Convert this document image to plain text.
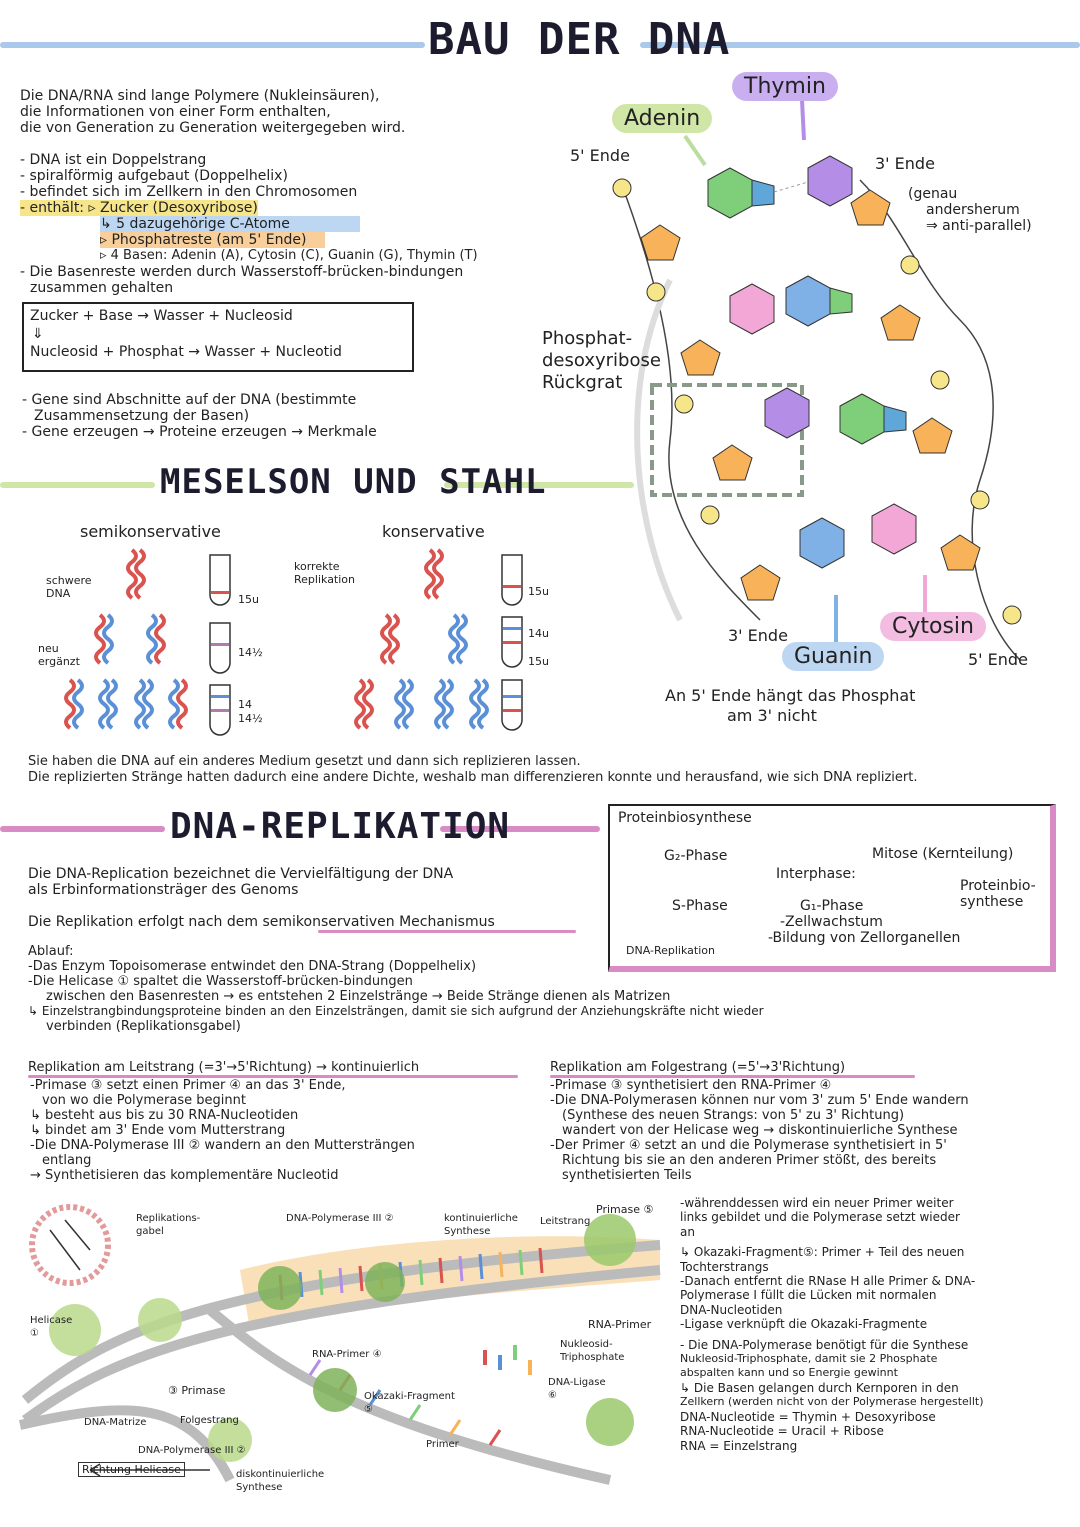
BAU DER DNA
Die DNA/RNA sind lange Polymere (Nukleinsäuren),
die Informationen von einer Form enthalten,
die von Generation zu Generation weitergegeben wird.
- DNA ist ein Doppelstrang
- spiralförmig aufgebaut (Doppelhelix)
- befindet sich im Zellkern in den Chromosomen
- enthält: ▹ Zucker (Desoxyribose)
↳ 5 dazugehörige C-Atome
▹ Phosphatreste (am 5' Ende)
▹ 4 Basen: Adenin (A), Cytosin (C), Guanin (G), Thymin (T)
- Die Basenreste werden durch Wasserstoff-brücken-bindungen
zusammen gehalten
Zucker + Base → Wasser + Nucleosid
⇓
Nucleosid + Phosphat → Wasser + Nucleotid
- Gene sind Abschnitte auf der DNA (bestimmte
Zusammensetzung der Basen)
- Gene erzeugen → Proteine erzeugen → Merkmale
Thymin
Adenin
5' Ende	3' Ende
(genau
andersherum
⇒ anti-parallel)
Phosphat-
desoxyribose
Rückgrat
3' Ende
Guanin
Cytosin
5' Ende
An 5' Ende hängt das Phosphat
am 3' nicht
MESELSON UND STAHL
semikonservative	konservative
schwere
DNA
neu
ergänzt
korrekte
Replikation
15u
14½
14
14½
15u
14u
15u
Sie haben die DNA auf ein anderes Medium gesetzt und dann sich replizieren lassen.
Die replizierten Stränge hatten dadurch eine andere Dichte, weshalb man differenzieren konnte und herausfand, wie sich DNA repliziert.
DNA-REPLIKATION	Proteinbiosynthese
G₂-Phase	Mitose (Kernteilung)
Interphase:
Proteinbio-
synthese
S-Phase	G₁-Phase
-Zellwachstum
-Bildung von Zellorganellen
DNA-Replikation
Die DNA-Replication bezeichnet die Vervielfältigung der DNA
als Erbinformationsträger des Genoms
Die Replikation erfolgt nach dem semikonservativen Mechanismus
Ablauf:
-Das Enzym Topoisomerase entwindet den DNA-Strang (Doppelhelix)
-Die Helicase ① spaltet die Wasserstoff-brücken-bindungen
zwischen den Basenresten → es entstehen 2 Einzelstränge → Beide Stränge dienen als Matrizen
↳ Einzelstrangbindungsproteine binden an den Einzelsträngen, damit sie sich aufgrund der Anziehungskräfte nicht wieder
verbinden (Replikationsgabel)
Replikation am Leitstrang (=3'→5'Richtung) → kontinuierlich
-Primase ③ setzt einen Primer ④ an das 3' Ende,
von wo die Polymerase beginnt
↳ besteht aus bis zu 30 RNA-Nucleotiden
↳ bindet am 3' Ende vom Mutterstrang
-Die DNA-Polymerase III ② wandern an den Muttersträngen
entlang
→ Synthetisieren das komplementäre Nucleotid
Replikation am Folgestrang (=5'→3'Richtung)
-Primase ③ synthetisiert den RNA-Primer ④
-Die DNA-Polymerasen können nur vom 3' zum 5' Ende wandern
(Synthese des neuen Strangs: von 5' zu 3' Richtung)
wandert von der Helicase weg → diskontinuierliche Synthese
-Der Primer ④ setzt an und die Polymerase synthetisiert in 5'
Richtung bis sie an den anderen Primer stößt, des bereits
synthetisierten Teils
-währenddessen wird ein neuer Primer weiter
links gebildet und die Polymerase setzt wieder
an
↳ Okazaki-Fragment⑤: Primer + Teil des neuen
Tochterstrangs
-Danach entfernt die RNase H alle Primer & DNA-
Polymerase I füllt die Lücken mit normalen
DNA-Nucleotiden
-Ligase verknüpft die Okazaki-Fragmente
- Die DNA-Polymerase benötigt für die Synthese
Nukleosid-Triphosphate, damit sie 2 Phosphate
abspalten kann und so Energie gewinnt
↳ Die Basen gelangen durch Kernporen in den
Zellkern (werden nicht von der Polymerase hergestellt)
DNA-Nucleotide = Thymin + Desoxyribose
RNA-Nucleotide = Uracil + Ribose
RNA = Einzelstrang
Replikations-
gabel
DNA-Polymerase III ②	kontinuierliche
Synthese
Leitstrang
Primase ⑤
Helicase
①
RNA-Primer
RNA-Primer ④
Nukleosid-
Triphosphate
DNA-Ligase
⑥
③ Primase	Okazaki-Fragment
⑤
DNA-Matrize	Folgestrang
DNA-Polymerase III ②
Primer
Richtung Helicase	diskontinuierliche
Synthese
